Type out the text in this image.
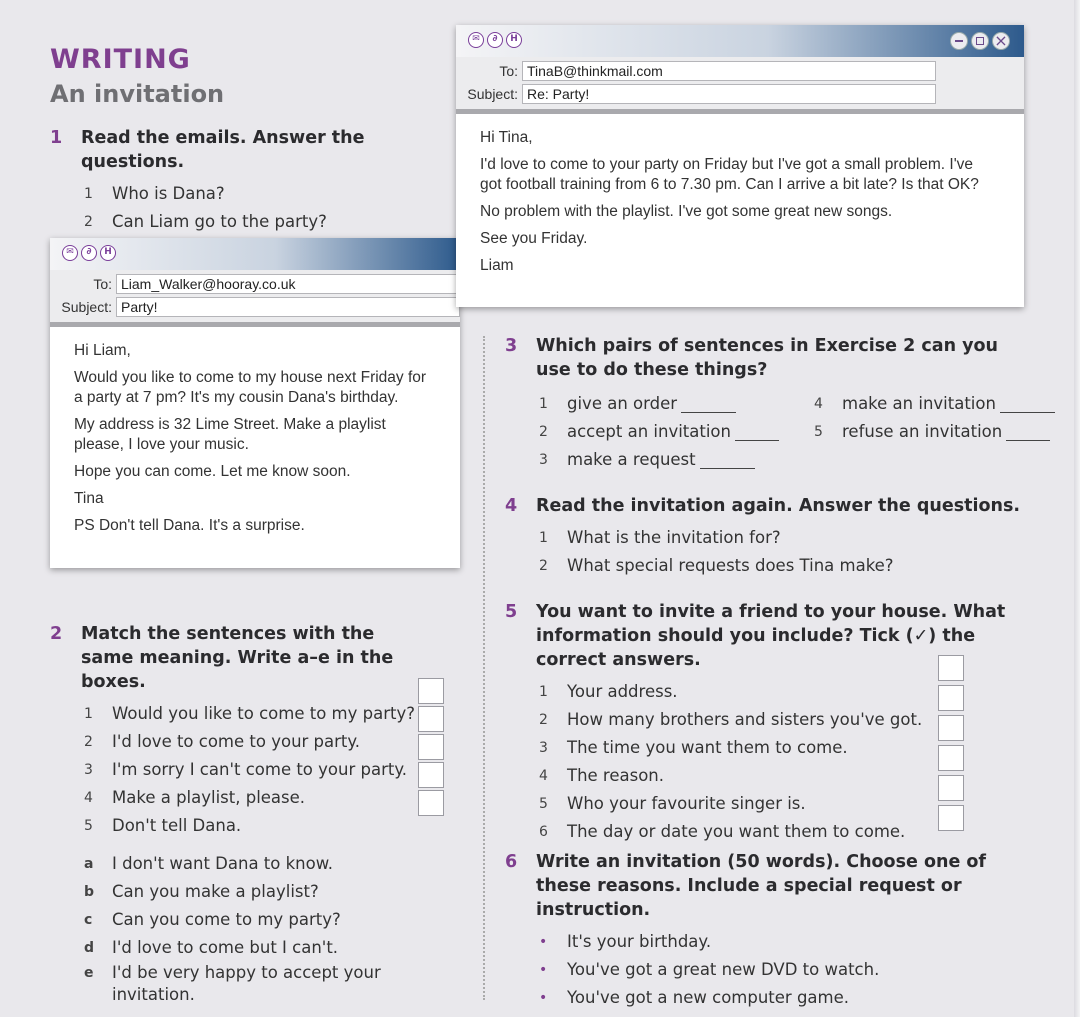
WRITING
An invitation
1	Read the emails. Answer the questions.
1	Who is Dana?
2	Can Liam go to the party?
✉	∂	H
To: Liam_Walker@hooray.co.uk
Subject: Party!

Hi Liam,

Would you like to come to my house next Friday for a party at 7 pm? It's my cousin Dana's birthday.

My address is 32 Lime Street. Make a playlist please, I love your music.

Hope you can come. Let me know soon.

Tina

PS Don't tell Dana. It's a surprise.

✉	∂	H
×
To: TinaB@thinkmail.com
Subject: Re: Party!

Hi Tina,

I'd love to come to your party on Friday but I've got a small problem. I've got football training from 6 to 7.30 pm. Can I arrive a bit late? Is that OK?

No problem with the playlist. I've got some great new songs.

See you Friday.

Liam

2	Match the sentences with the same meaning. Write a–e in the boxes.
1	Would you like to come to my party?
2	I'd love to come to your party.
3	I'm sorry I can't come to your party.
4	Make a playlist, please.
5	Don't tell Dana.
a	I don't want Dana to know.
b	Can you make a playlist?
c	Can you come to my party?
d	I'd love to come but I can't.
e	I'd be very happy to accept your invitation.
3	Which pairs of sentences in Exercise 2 can you use to do these things?
1	give an order
2	accept an invitation
3	make a request
4	make an invitation
5	refuse an invitation
4	Read the invitation again. Answer the questions.
1	What is the invitation for?
2	What special requests does Tina make?
5	You want to invite a friend to your house. What information should you include? Tick (✓) the correct answers.
1	Your address.
2	How many brothers and sisters you've got.
3	The time you want them to come.
4	The reason.
5	Who your favourite singer is.
6	The day or date you want them to come.
6	Write an invitation (50 words). Choose one of these reasons. Include a special request or instruction.
•	It's your birthday.
•	You've got a great new DVD to watch.
•	You've got a new computer game.
